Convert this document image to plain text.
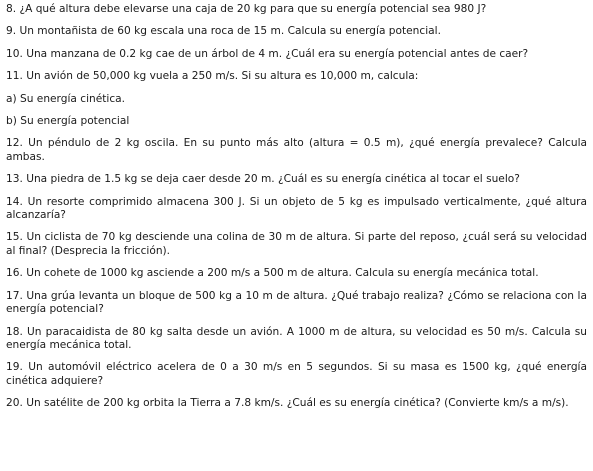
8. ¿A qué altura debe elevarse una caja de 20 kg para que su energía potencial sea 980 J?

9. Un montañista de 60 kg escala una roca de 15 m. Calcula su energía potencial.

10. Una manzana de 0.2 kg cae de un árbol de 4 m. ¿Cuál era su energía potencial antes de caer?

11. Un avión de 50,000 kg vuela a 250 m/s. Si su altura es 10,000 m, calcula:

a) Su energía cinética.

b) Su energía potencial

12. Un péndulo de 2 kg oscila. En su punto más alto (altura = 0.5 m), ¿qué energía prevalece? Calcula ambas.

13. Una piedra de 1.5 kg se deja caer desde 20 m. ¿Cuál es su energía cinética al tocar el suelo?

14. Un resorte comprimido almacena 300 J. Si un objeto de 5 kg es impulsado verticalmente, ¿qué altura alcanzaría?

15. Un ciclista de 70 kg desciende una colina de 30 m de altura. Si parte del reposo, ¿cuál será su velocidad al final? (Desprecia la fricción).

16. Un cohete de 1000 kg asciende a 200 m/s a 500 m de altura. Calcula su energía mecánica total.

17. Una grúa levanta un bloque de 500 kg a 10 m de altura. ¿Qué trabajo realiza? ¿Cómo se relaciona con la energía potencial?

18. Un paracaidista de 80 kg salta desde un avión. A 1000 m de altura, su velocidad es 50 m/s. Calcula su energía mecánica total.

19. Un automóvil eléctrico acelera de 0 a 30 m/s en 5 segundos. Si su masa es 1500 kg, ¿qué energía cinética adquiere?

20. Un satélite de 200 kg orbita la Tierra a 7.8 km/s. ¿Cuál es su energía cinética? (Convierte km/s a m/s).
